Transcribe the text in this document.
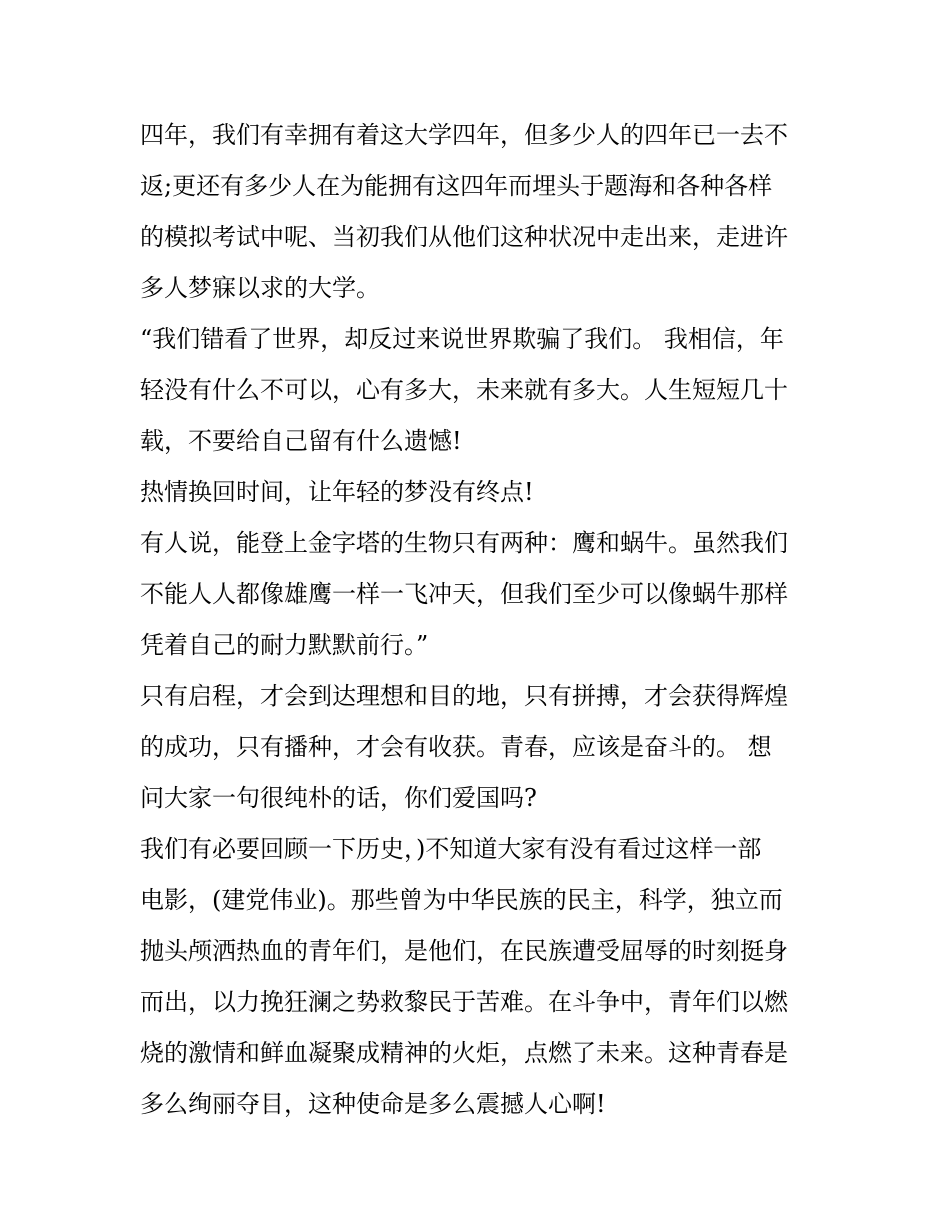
四年，我们有幸拥有着这大学四年，但多少人的四年已一去不
返;更还有多少人在为能拥有这四年而埋头于题海和各种各样
的模拟考试中呢、当初我们从他们这种状况中走出来，走进许
多人梦寐以求的大学。
“我们错看了世界，却反过来说世界欺骗了我们。 我相信，年
轻没有什么不可以，心有多大，未来就有多大。人生短短几十
载，不要给自己留有什么遗憾!
热情换回时间，让年轻的梦没有终点!
有人说，能登上金字塔的生物只有两种：鹰和蜗牛。虽然我们
不能人人都像雄鹰一样一飞冲天，但我们至少可以像蜗牛那样
凭着自己的耐力默默前行。”
只有启程，才会到达理想和目的地，只有拼搏，才会获得辉煌
的成功，只有播种，才会有收获。青春，应该是奋斗的。 想
问大家一句很纯朴的话，你们爱国吗?
我们有必要回顾一下历史，)不知道大家有没有看过这样一部
电影，(建党伟业)。那些曾为中华民族的民主，科学，独立而
抛头颅洒热血的青年们，是他们，在民族遭受屈辱的时刻挺身
而出，以力挽狂澜之势救黎民于苦难。在斗争中，青年们以燃
烧的激情和鲜血凝聚成精神的火炬，点燃了未来。这种青春是
多么绚丽夺目，这种使命是多么震撼人心啊!
